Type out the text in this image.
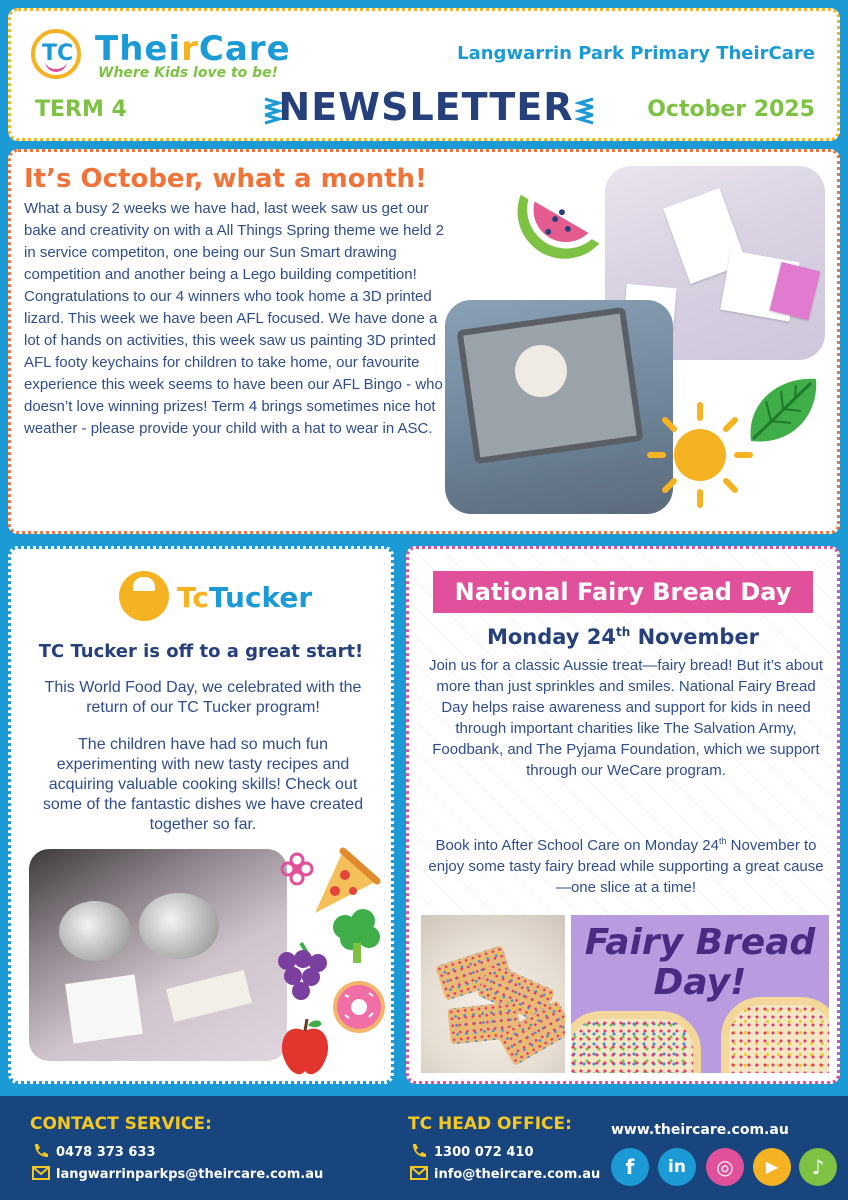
TC TheirCare
Where Kids love to be!
Langwarrin Park Primary TheirCare
TERM 4	NEWSLETTER	October 2025
It’s October, what a month!
What a busy 2 weeks we have had, last week saw us get our bake and creativity on with a All Things Spring theme we held 2 in service competiton, one being our Sun Smart drawing competition and another being a Lego building competition! Congratulations to our 4 winners who took home a 3D printed lizard. This week we have been AFL focused. We have done a lot of hands on activities, this week saw us painting 3D printed AFL footy keychains for children to take home, our favourite experience this week seems to have been our AFL Bingo - who doesn’t love winning prizes! Term 4 brings sometimes nice hot weather - please provide your child with a hat to wear in ASC.
TcTucker
TC Tucker is off to a great start!
This World Food Day, we celebrated with the return of our TC Tucker program!
The children have had so much fun experimenting with new tasty recipes and acquiring valuable cooking skills! Check out some of the fantastic dishes we have created together so far.
National Fairy Bread Day
Monday 24th November
Join us for a classic Aussie treat—fairy bread! But it’s about more than just sprinkles and smiles. National Fairy Bread Day helps raise awareness and support for kids in need through important charities like The Salvation Army, Foodbank, and The Pyjama Foundation, which we support through our WeCare program.
Book into After School Care on Monday 24th November to enjoy some tasty fairy bread while supporting a great cause—one slice at a time!
Fairy Bread
Day!
CONTACT SERVICE:
0478 373 633
langwarrinparkps@theircare.com.au
TC HEAD OFFICE:
1300 072 410
info@theircare.com.au
www.theircare.com.au
f	in	◎	▶	♪
